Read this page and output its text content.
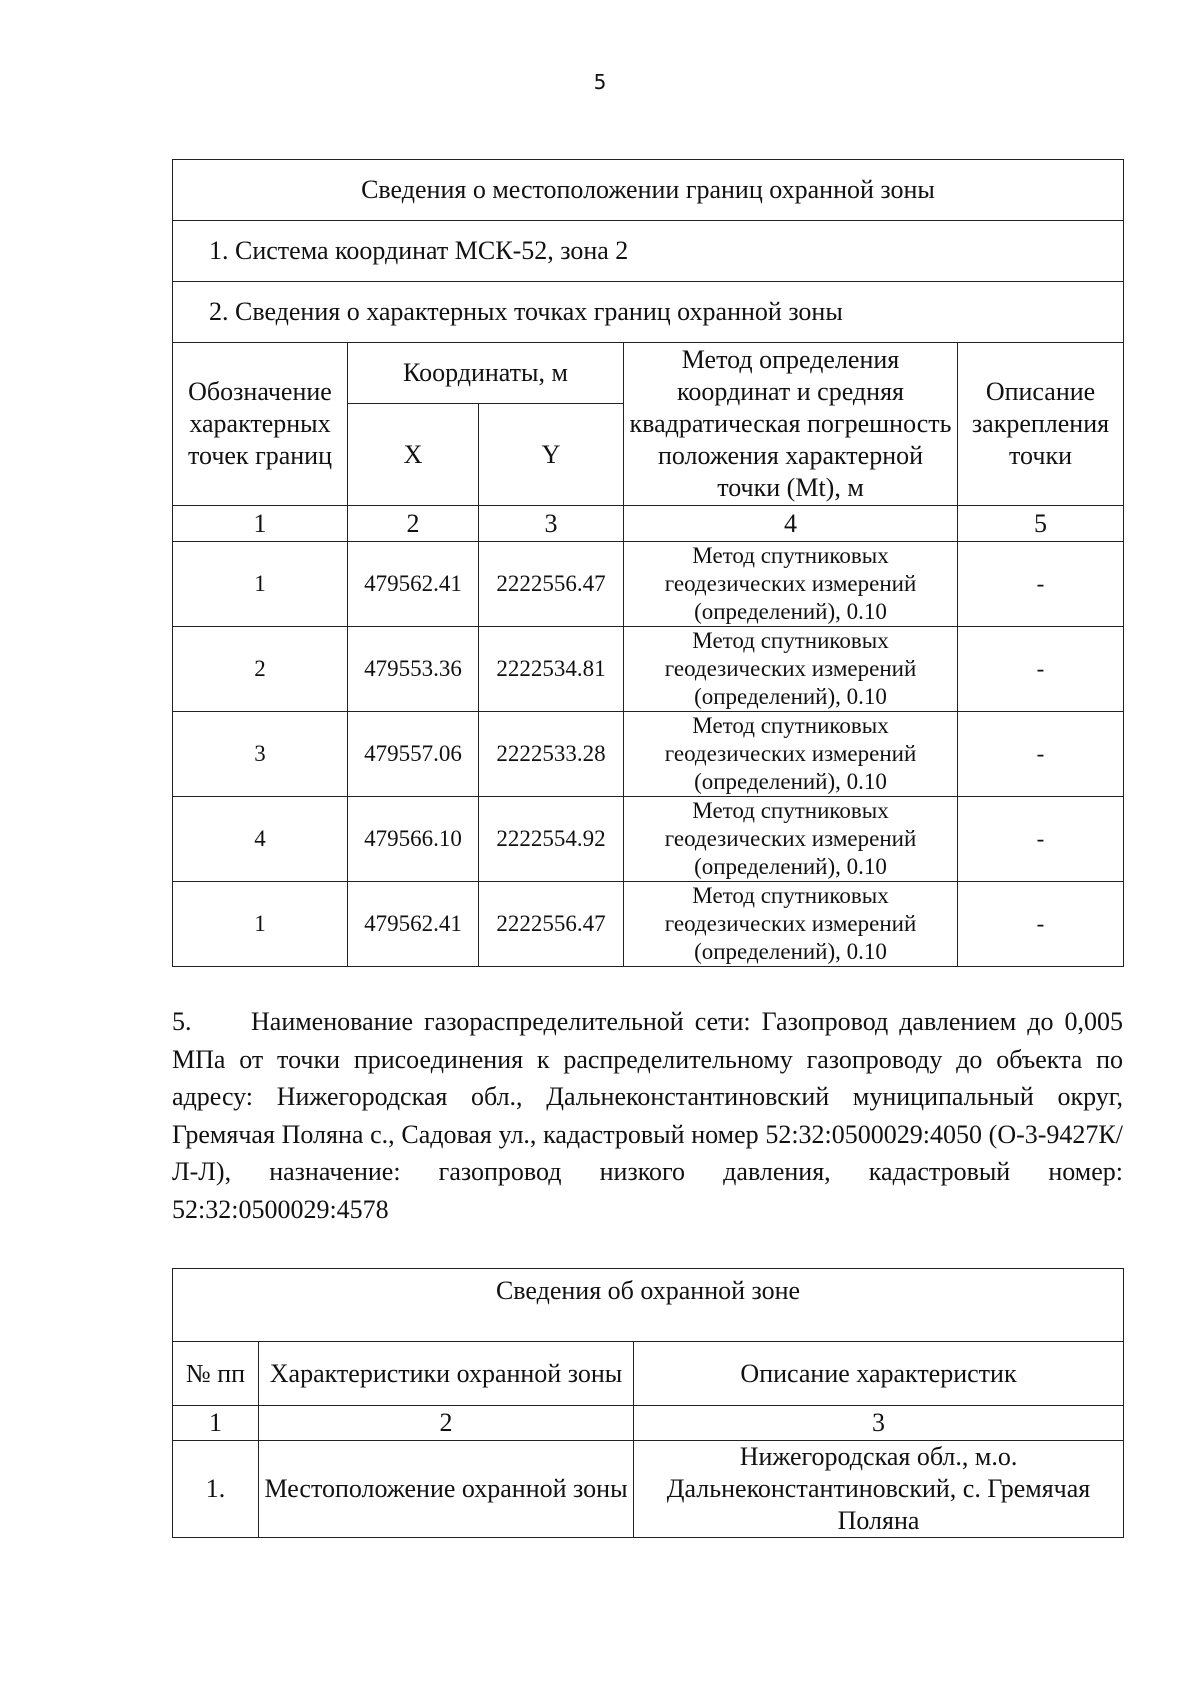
5
Сведения о местоположении границ охранной зоны				
1. Система координат МСК-52, зона 2				
2. Сведения о характерных точках границ охранной зоны				
Обозначение характерных точек границ	Координаты, м		Метод определения координат и средняя квадратическая погрешность положения характерной точки (Mt), м	Описание закрепления точки
	X	Y		
1	2	3	4	5
1	479562.41	2222556.47	Метод спутниковых геодезических измерений (определений), 0.10	-
2	479553.36	2222534.81	Метод спутниковых геодезических измерений (определений), 0.10	-
3	479557.06	2222533.28	Метод спутниковых геодезических измерений (определений), 0.10	-
4	479566.10	2222554.92	Метод спутниковых геодезических измерений (определений), 0.10	-
1	479562.41	2222556.47	Метод спутниковых геодезических измерений (определений), 0.10	-

5. Наименование газораспределительной сети: Газопровод давлением до 0,005 МПа от точки присоединения к распределительному газопроводу до объекта по адресу: Нижегородская обл., Дальнеконстантиновский муниципальный округ, Гремячая Поляна с., Садовая ул., кадастровый номер 52:32:0500029:4050 (О-3-9427К/Л-Л), назначение: газопровод низкого давления, кадастровый номер: 52:32:0500029:4578

Сведения об охранной зоне		
№ пп	Характеристики охранной зоны	Описание характеристик
1	2	3
1.	Местоположение охранной зоны	Нижегородская обл., м.о. Дальнеконстантиновский, с. Гремячая Поляна
